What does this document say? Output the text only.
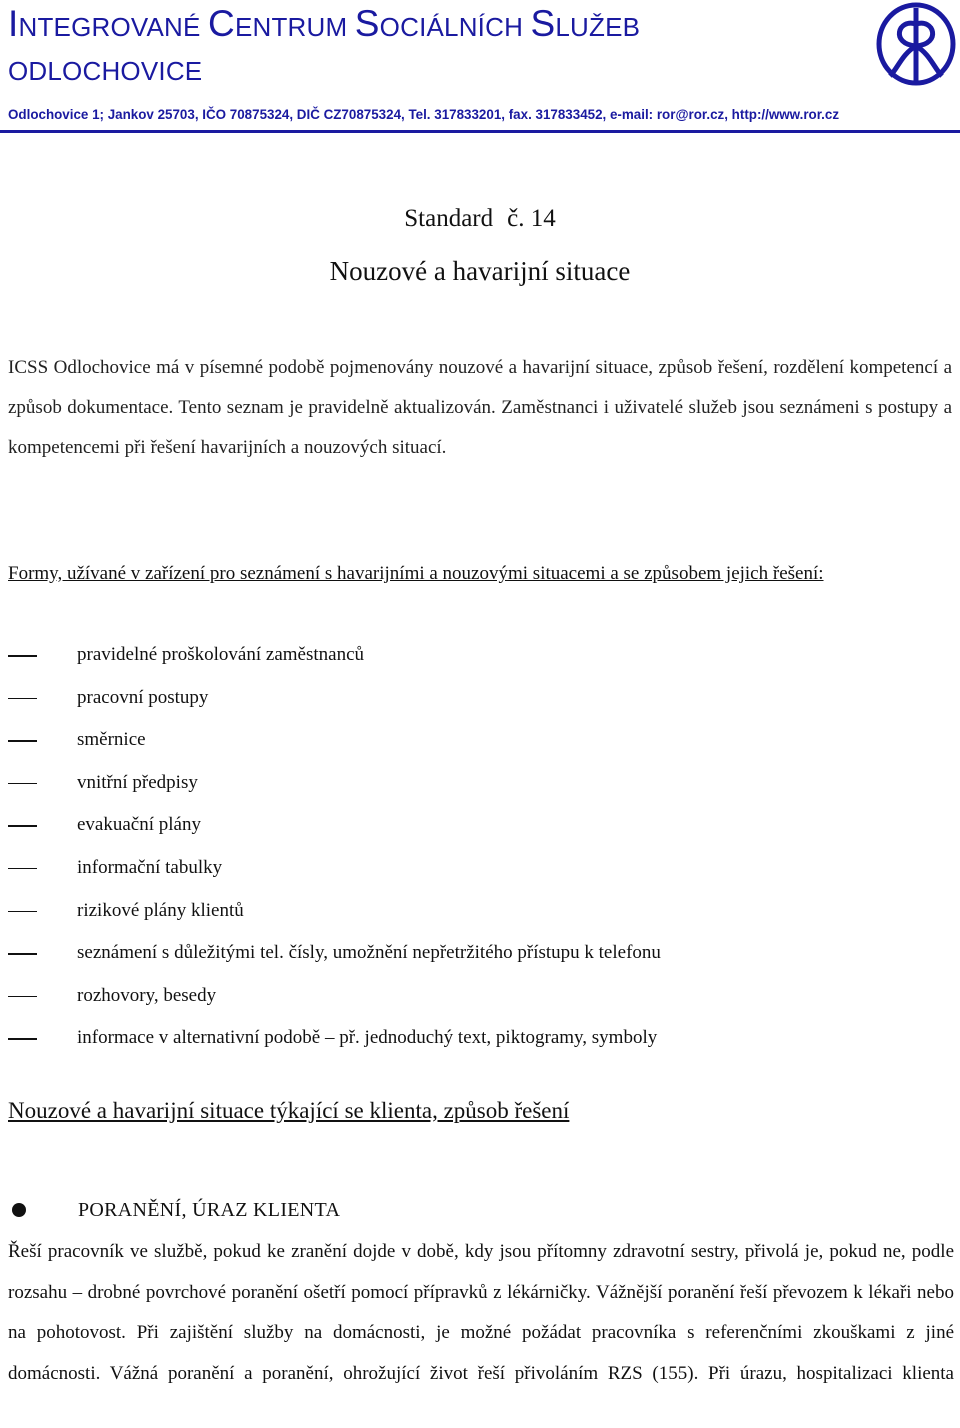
INTEGROVANÉ CENTRUM SOCIÁLNÍCH SLUŽEB
ODLOCHOVICE
Odlochovice 1; Jankov 25703, IČO 70875324, DIČ CZ70875324, Tel. 317833201, fax. 317833452, e-mail: ror@ror.cz, http://www.ror.cz
Standard č. 14
Nouzové a havarijní situace

ICSS Odlochovice má v písemné podobě pojmenovány nouzové a havarijní situace, způsob řešení, rozdělení kompetencí a způsob dokumentace. Tento seznam je pravidelně aktualizován. Zaměstnanci i uživatelé služeb jsou seznámeni s postupy a kompetencemi při řešení havarijních a nouzových situací.

Formy, užívané v zařízení pro seznámení s havarijními a nouzovými situacemi a se způsobem jejich řešení:

pravidelné proškolování zaměstnanců
pracovní postupy
směrnice
vnitřní předpisy
evakuační plány
informační tabulky
rizikové plány klientů
seznámení s důležitými tel. čísly, umožnění nepřetržitého přístupu k telefonu
rozhovory, besedy
informace v alternativní podobě – př. jednoduchý text, piktogramy, symboly
Nouzové a havarijní situace týkající se klienta, způsob řešení
PORANĚNÍ, ÚRAZ KLIENTA

Řeší pracovník ve službě, pokud ke zranění dojde v době, kdy jsou přítomny zdravotní sestry, přivolá je, pokud ne, podle rozsahu – drobné povrchové poranění ošetří pomocí přípravků z lékárničky. Vážnější poranění řeší převozem k lékaři nebo na pohotovost. Při zajištění služby na domácnosti, je možné požádat pracovníka s referenčními zkouškami z jiné domácnosti. Vážná poranění a poranění, ohrožující život řeší přivoláním RZS (155). Při úrazu, hospitalizaci klienta
